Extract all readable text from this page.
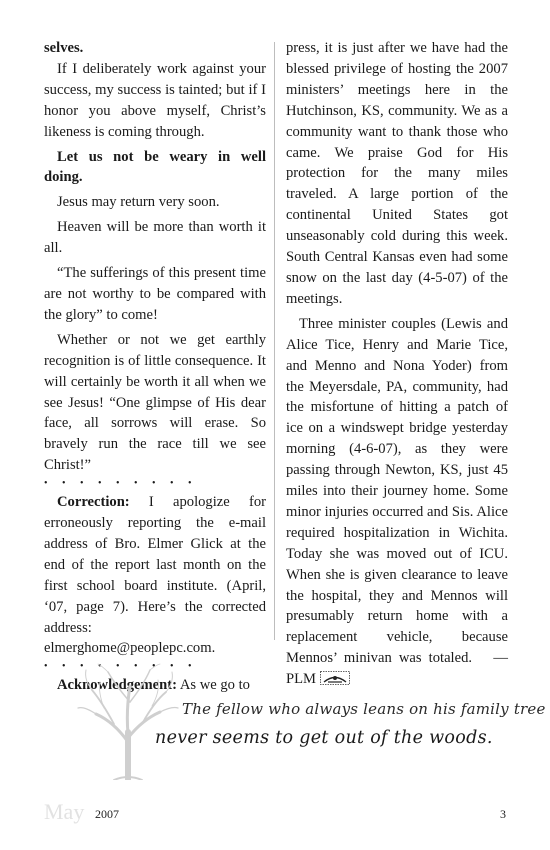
selves.

If I deliberately work against your success, my success is tainted; but if I honor you above myself, Christ’s likeness is coming through.

Let us not be weary in well doing.

Jesus may return very soon.

Heaven will be more than worth it all.

“The sufferings of this present time are not worthy to be compared with the glory” to come!

Whether or not we get earthly recognition is of little consequence. It will certainly be worth it all when we see Jesus! “One glimpse of His dear face, all sorrows will erase. So bravely run the race till we see Christ!”

• • • • • • • • •

Correction: I apologize for erroneously reporting the e-mail address of Bro. Elmer Glick at the end of the report last month on the first school board institute. (April, ‘07, page 7). Here’s the corrected address: elmerghome@peoplepc.com.

• • • • • • • • •

Acknowledgement: As we go to

press, it is just after we have had the blessed privilege of hosting the 2007 ministers’ meetings here in the Hutchinson, KS, community. We as a community want to thank those who came. We praise God for His protection for the many miles traveled. A large portion of the continental United States got unseasonably cold during this week. South Central Kansas even had some snow on the last day (4-5-07) of the meetings.

Three minister couples (Lewis and Alice Tice, Henry and Marie Tice, and Menno and Nona Yoder) from the Meyersdale, PA, community, had the misfortune of hitting a patch of ice on a windswept bridge yesterday morning (4-6-07), as they were passing through Newton, KS, just 45 miles into their journey home. Some minor injuries occurred and Sis. Alice required hospitalization in Wichita. Today she was moved out of ICU. When she is given clearance to leave the hospital, they and Mennos will presumably return home with a replacement vehicle, because Mennos’ minivan was totaled. —PLM

The fellow who always leans on his family tree
never seems to get out of the woods.
May 2007	3
